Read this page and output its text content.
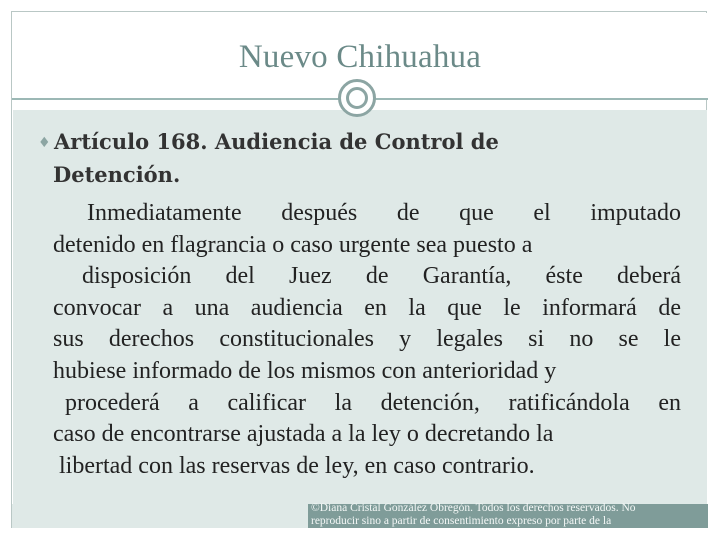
Nuevo Chihuahua
♦ Artículo 168. Audiencia de Control de
Detención.
Inmediatamente después de que el imputado
detenido en flagrancia o caso urgente sea puesto a
disposición del Juez de Garantía, éste deberá
convocar a una audiencia en la que le informará de
sus derechos constitucionales y legales si no se le
hubiese informado de los mismos con anterioridad y
procederá a calificar la detención, ratificándola en
caso de encontrarse ajustada a la ley o decretando la
libertad con las reservas de ley, en caso contrario.
©Diana Cristal González Obregón. Todos los derechos reservados. No
reproducir sino a partir de consentimiento expreso por parte de la
